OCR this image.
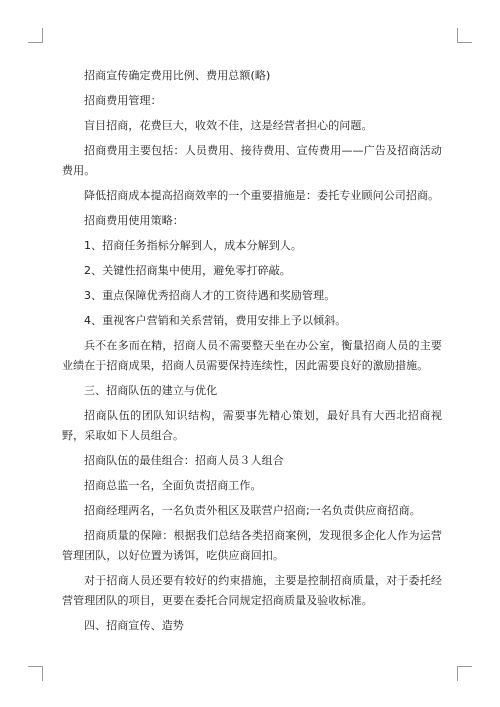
招商宣传确定费用比例、费用总额(略)

招商费用管理：

盲目招商，花费巨大，收效不佳，这是经营者担心的问题。

招商费用主要包括：人员费用、接待费用、宣传费用——广告及招商活动费用。

降低招商成本提高招商效率的一个重要措施是：委托专业顾问公司招商。

招商费用使用策略：

1、招商任务指标分解到人，成本分解到人。

2、关键性招商集中使用，避免零打碎敲。

3、重点保障优秀招商人才的工资待遇和奖励管理。

4、重视客户营销和关系营销，费用安排上予以倾斜。

兵不在多而在精，招商人员不需要整天坐在办公室，衡量招商人员的主要业绩在于招商成果，招商人员需要保持连续性，因此需要良好的激励措施。

三、招商队伍的建立与优化

招商队伍的团队知识结构，需要事先精心策划，最好具有大西北招商视野，采取如下人员组合。

招商队伍的最佳组合：招商人员３人组合

招商总监一名，全面负责招商工作。

招商经理两名，一名负责外租区及联营户招商;一名负责供应商招商。

招商质量的保障：根据我们总结各类招商案例，发现很多企化人作为运营管理团队，以好位置为诱饵，吃供应商回扣。

对于招商人员还要有较好的约束措施，主要是控制招商质量，对于委托经营管理团队的项目，更要在委托合同规定招商质量及验收标准。

四、招商宣传、造势
